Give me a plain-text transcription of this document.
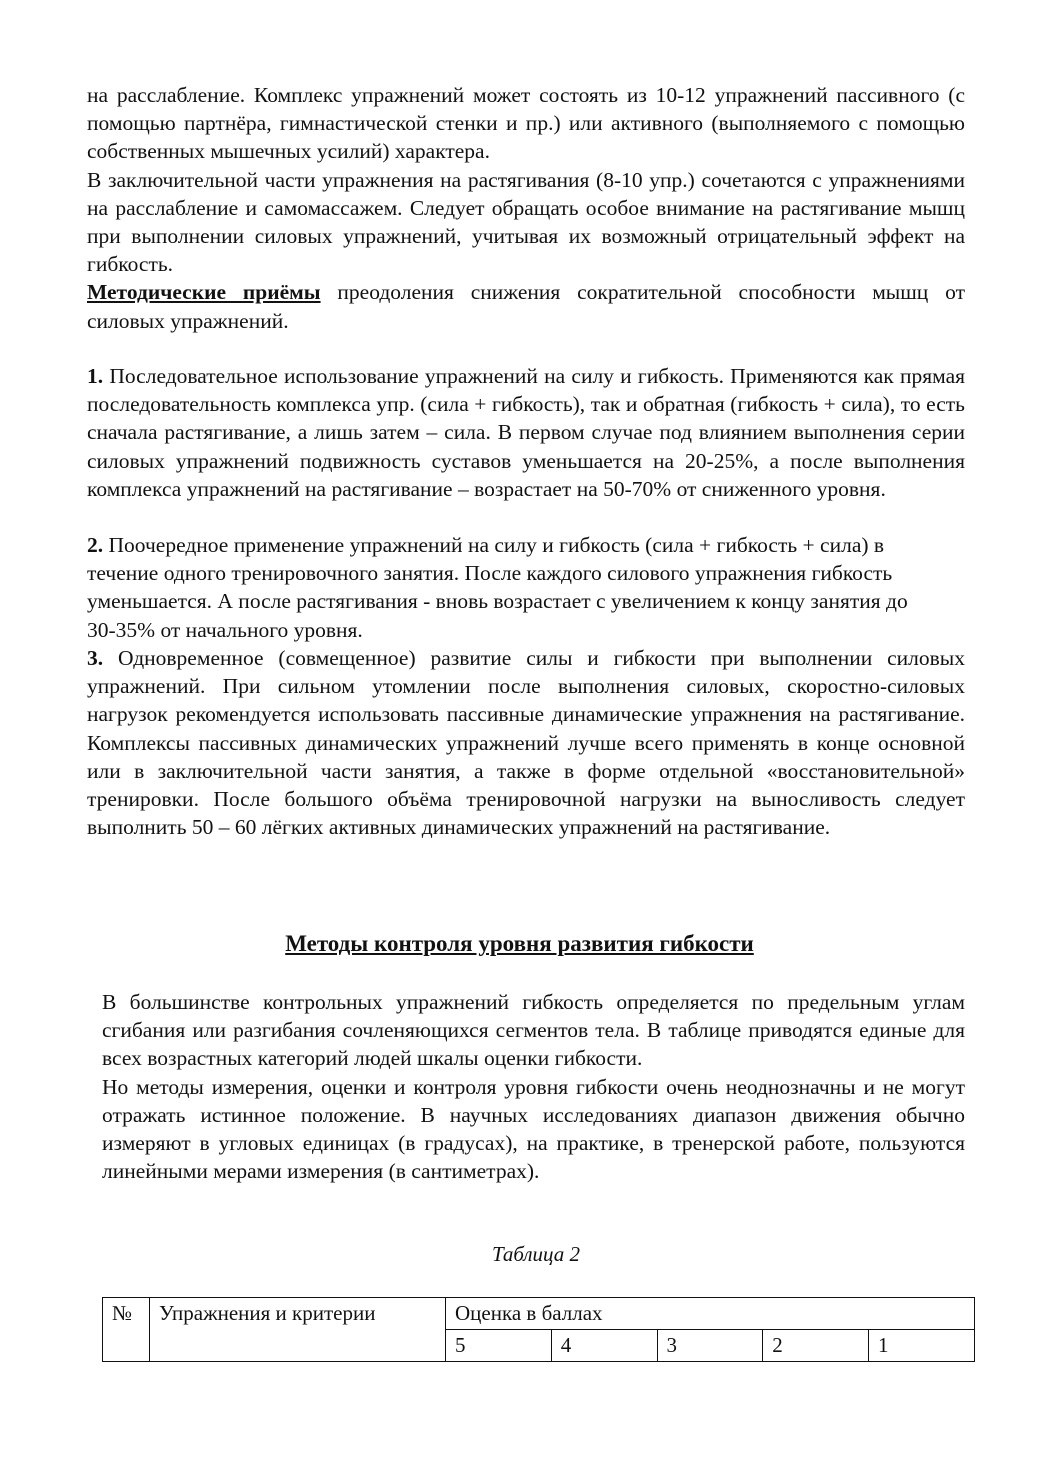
на расслабление. Комплекс упражнений может состоять из 10-12 упражнений пассивного (с помощью партнёра, гимнастической стенки и пр.) или активного (выполняемого с помощью собственных мышечных усилий) характера.
В заключительной части упражнения на растягивания (8-10 упр.) сочетаются с упражнениями на расслабление и самомассажем. Следует обращать особое внимание на растягивание мышц при выполнении силовых упражнений, учитывая их возможный отрицательный эффект на гибкость.
Методические приёмы преодоления снижения сократительной способности мышц от силовых упражнений.
1. Последовательное использование упражнений на силу и гибкость. Применяются как прямая последовательность комплекса упр. (сила + гибкость), так и обратная (гибкость + сила), то есть сначала растягивание, а лишь затем – сила. В первом случае под влиянием выполнения серии силовых упражнений подвижность суставов уменьшается на 20-25%, а после выполнения комплекса упражнений на растягивание – возрастает на 50-70% от сниженного уровня.
2. Поочередное применение упражнений на силу и гибкость (сила + гибкость + сила) в течение одного тренировочного занятия. После каждого силового упражнения гибкость уменьшается. А после растягивания - вновь возрастает с увеличением к концу занятия до 30-35% от начального уровня.
3. Одновременное (совмещенное) развитие силы и гибкости при выполнении силовых упражнений. При сильном утомлении после выполнения силовых, скоростно-силовых нагрузок рекомендуется использовать пассивные динамические упражнения на растягивание. Комплексы пассивных динамических упражнений лучше всего применять в конце основной или в заключительной части занятия, а также в форме отдельной «восстановительной» тренировки. После большого объёма тренировочной нагрузки на выносливость следует выполнить 50 – 60 лёгких активных динамических упражнений на растягивание.
Методы контроля уровня развития гибкости
В большинстве контрольных упражнений гибкость определяется по предельным углам сгибания или разгибания сочленяющихся сегментов тела. В таблице приводятся единые для всех возрастных категорий людей шкалы оценки гибкости.
Но методы измерения, оценки и контроля уровня гибкости очень неоднозначны и не могут отражать истинное положение. В научных исследованиях диапазон движения обычно измеряют в угловых единицах (в градусах), на практике, в тренерской работе, пользуются линейными мерами измерения (в сантиметрах).
Таблица 2
№	Упражнения и критерии	Оценка в баллах				
		5	4	3	2	1
